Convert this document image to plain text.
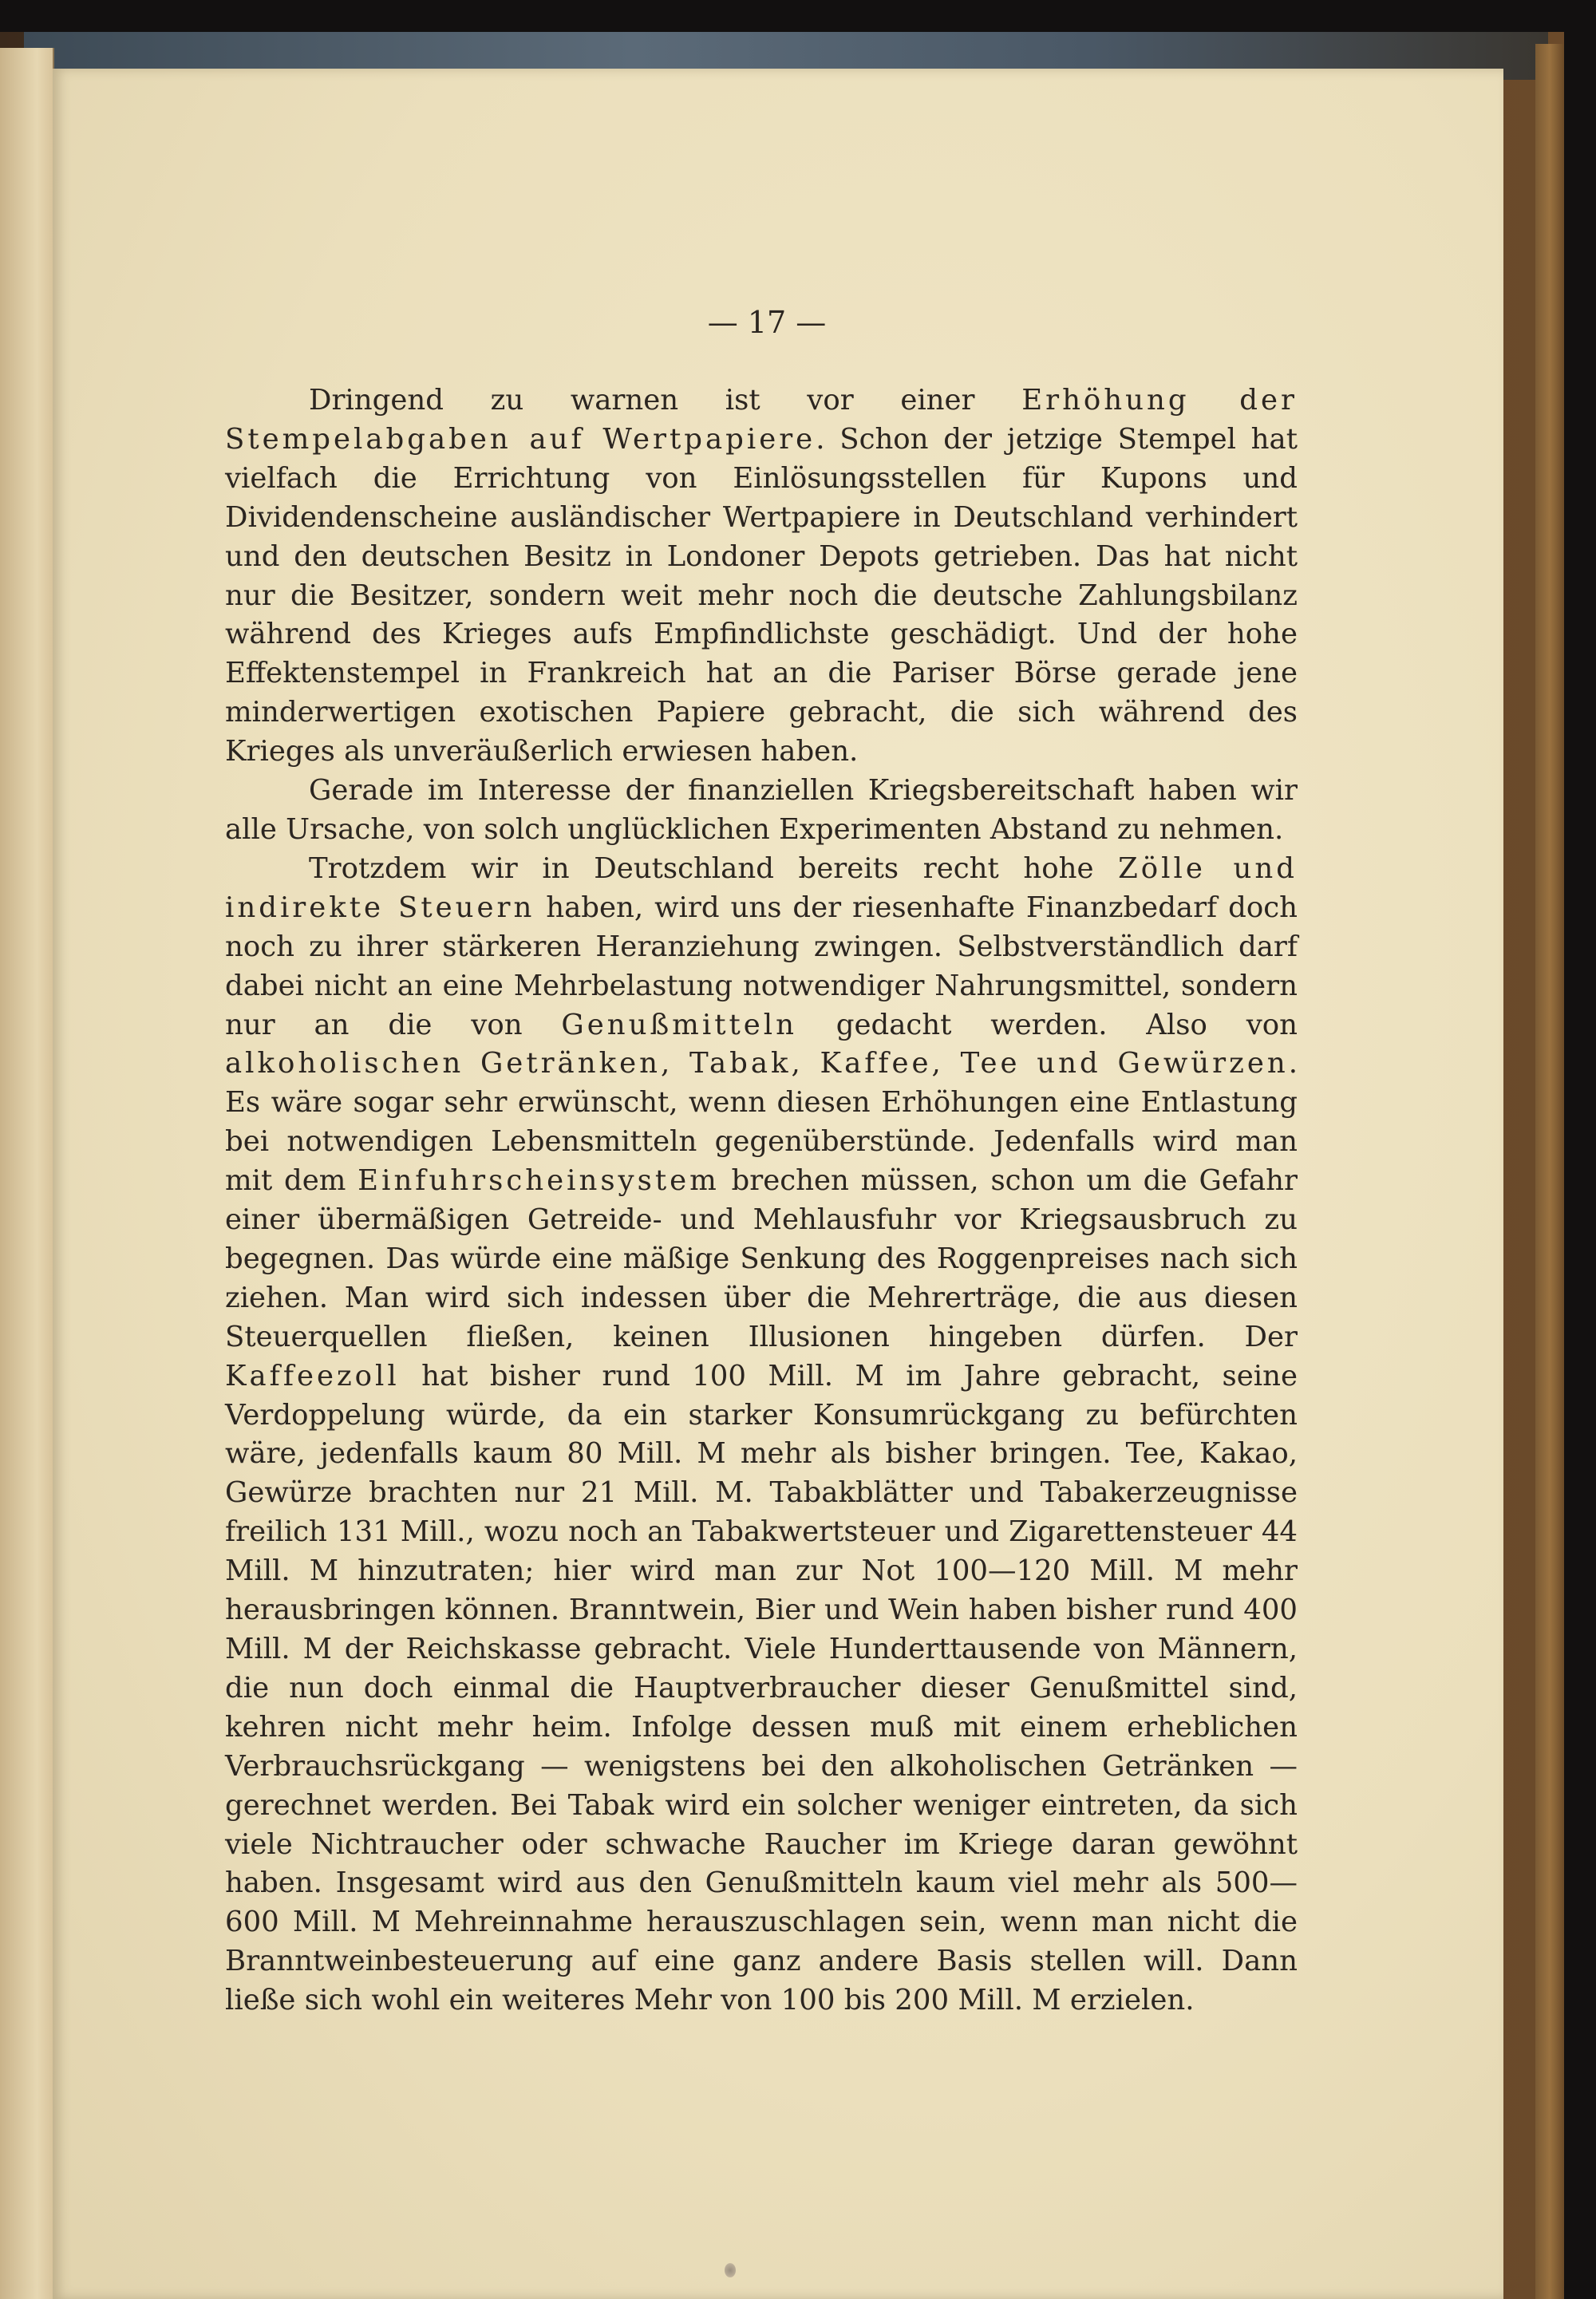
— 17 —

Dringend zu warnen ist vor einer Erhöhung der Stempelabgaben auf Wertpapiere. Schon der jetzige Stempel hat vielfach die Errichtung von Einlösungsstellen für Kupons und Dividendenscheine ausländischer Wertpapiere in Deutschland verhindert und den deutschen Besitz in Londoner Depots getrieben. Das hat nicht nur die Besitzer, sondern weit mehr noch die deutsche Zahlungsbilanz während des Krieges aufs Empfindlichste geschädigt. Und der hohe Effektenstempel in Frankreich hat an die Pariser Börse gerade jene minderwertigen exotischen Papiere gebracht, die sich während des Krieges als unveräußerlich erwiesen haben.

Gerade im Interesse der finanziellen Kriegsbereitschaft haben wir alle Ursache, von solch unglücklichen Experimenten Abstand zu nehmen.

Trotzdem wir in Deutschland bereits recht hohe Zölle und indirekte Steuern haben, wird uns der riesenhafte Finanzbedarf doch noch zu ihrer stärkeren Heranziehung zwingen. Selbstverständlich darf dabei nicht an eine Mehrbelastung notwendiger Nahrungsmittel, sondern nur an die von Genußmitteln gedacht werden. Also von alkoholischen Getränken, Tabak, Kaffee, Tee und Gewürzen. Es wäre sogar sehr erwünscht, wenn diesen Erhöhungen eine Entlastung bei notwendigen Lebensmitteln gegenüberstünde. Jedenfalls wird man mit dem Einfuhrscheinsystem brechen müssen, schon um die Gefahr einer übermäßigen Getreide- und Mehlausfuhr vor Kriegsausbruch zu begegnen. Das würde eine mäßige Senkung des Roggenpreises nach sich ziehen. Man wird sich indessen über die Mehrerträge, die aus diesen Steuerquellen fließen, keinen Illusionen hingeben dürfen. Der Kaffeezoll hat bisher rund 100 Mill. M im Jahre gebracht, seine Verdoppelung würde, da ein starker Konsumrückgang zu befürchten wäre, jedenfalls kaum 80 Mill. M mehr als bisher bringen. Tee, Kakao, Gewürze brachten nur 21 Mill. M. Tabakblätter und Tabakerzeugnisse freilich 131 Mill., wozu noch an Tabakwertsteuer und Zigarettensteuer 44 Mill. M hinzutraten; hier wird man zur Not 100—120 Mill. M mehr herausbringen können. Branntwein, Bier und Wein haben bisher rund 400 Mill. M der Reichskasse gebracht. Viele Hunderttausende von Männern, die nun doch einmal die Hauptverbraucher dieser Genußmittel sind, kehren nicht mehr heim. Infolge dessen muß mit einem erheblichen Verbrauchsrückgang — wenigstens bei den alkoholischen Getränken — gerechnet werden. Bei Tabak wird ein solcher weniger eintreten, da sich viele Nichtraucher oder schwache Raucher im Kriege daran gewöhnt haben. Insgesamt wird aus den Genußmitteln kaum viel mehr als 500—600 Mill. M Mehreinnahme herauszuschlagen sein, wenn man nicht die Branntweinbesteuerung auf eine ganz andere Basis stellen will. Dann ließe sich wohl ein weiteres Mehr von 100 bis 200 Mill. M erzielen.
